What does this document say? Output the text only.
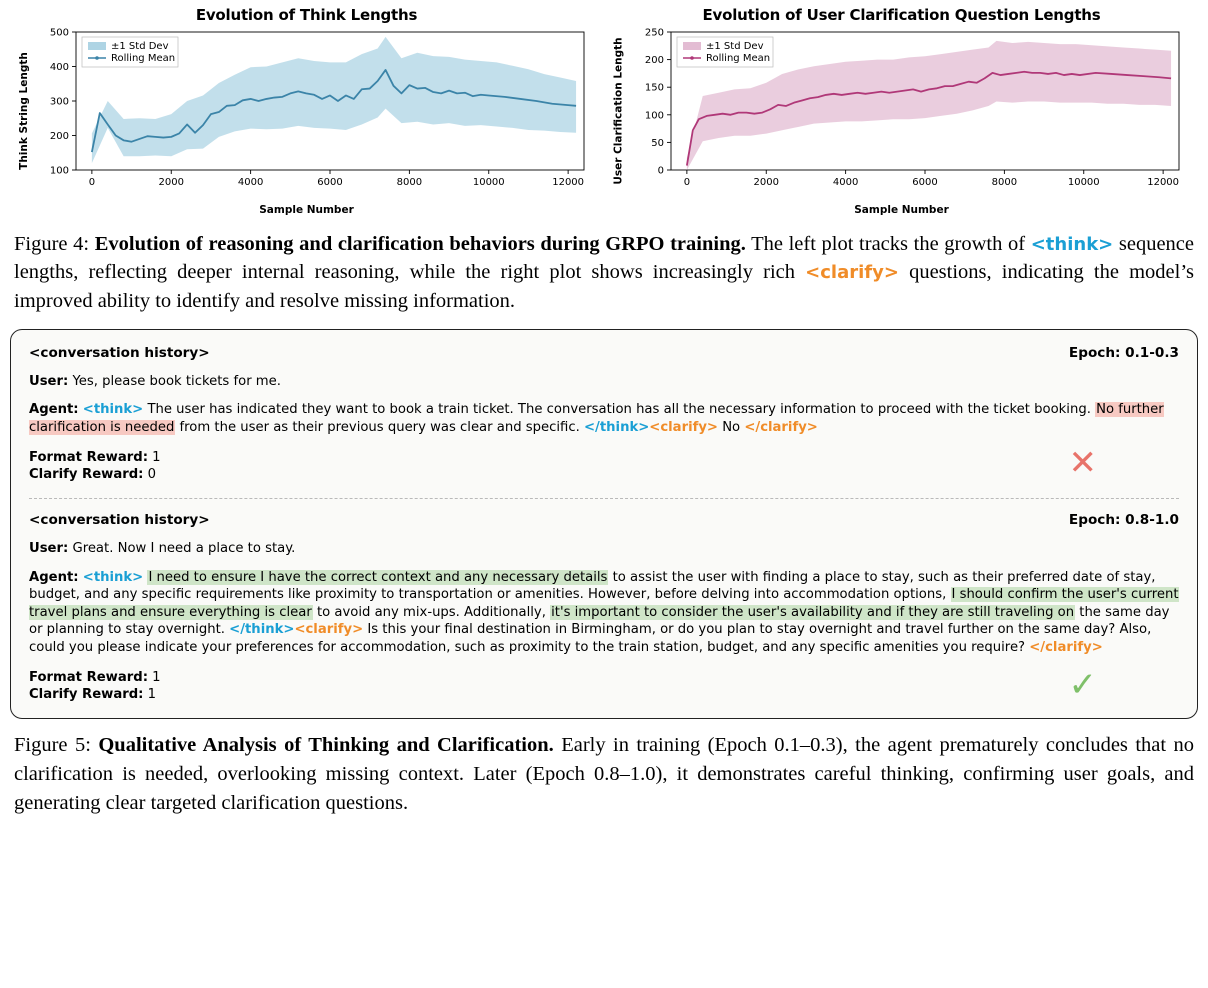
Evolution of Think Lengths
Think String Length
0	2000	4000	6000	8000	10000	12000
100
200
300
400
500
±1 Std Dev
Rolling Mean
Sample Number
Evolution of User Clarification Question Lengths
User Clarification Length	0	2000	4000	6000	8000	10000	12000
0
50
100
150
200
250
±1 Std Dev
Rolling Mean
Sample Number
Figure 4: Evolution of reasoning and clarification behaviors during GRPO training. The left plot tracks the growth of <think> sequence lengths, reflecting deeper internal reasoning, while the right plot shows increasingly rich <clarify> questions, indicating the model’s improved ability to identify and resolve missing information.
<conversation history>	Epoch: 0.1-0.3
User: Yes, please book tickets for me.
Agent: <think> The user has indicated they want to book a train ticket. The conversation has all the necessary information to proceed with the ticket booking. No further clarification is needed from the user as their previous query was clear and specific. </think><clarify> No </clarify>
Format Reward: 1
Clarify Reward: 0	✕
<conversation history>	Epoch: 0.8-1.0
User: Great. Now I need a place to stay.
Agent: <think> I need to ensure I have the correct context and any necessary details to assist the user with finding a place to stay, such as their preferred date of stay, budget, and any specific requirements like proximity to transportation or amenities. However, before delving into accommodation options, I should confirm the user's current travel plans and ensure everything is clear to avoid any mix-ups. Additionally, it's important to consider the user's availability and if they are still traveling on the same day or planning to stay overnight. </think><clarify> Is this your final destination in Birmingham, or do you plan to stay overnight and travel further on the same day? Also, could you please indicate your preferences for accommodation, such as proximity to the train station, budget, and any specific amenities you require? </clarify>
Format Reward: 1
Clarify Reward: 1	✓
Figure 5: Qualitative Analysis of Thinking and Clarification. Early in training (Epoch 0.1–0.3), the agent prematurely concludes that no clarification is needed, overlooking missing context. Later (Epoch 0.8–1.0), it demonstrates careful thinking, confirming user goals, and generating clear targeted clarification questions.
